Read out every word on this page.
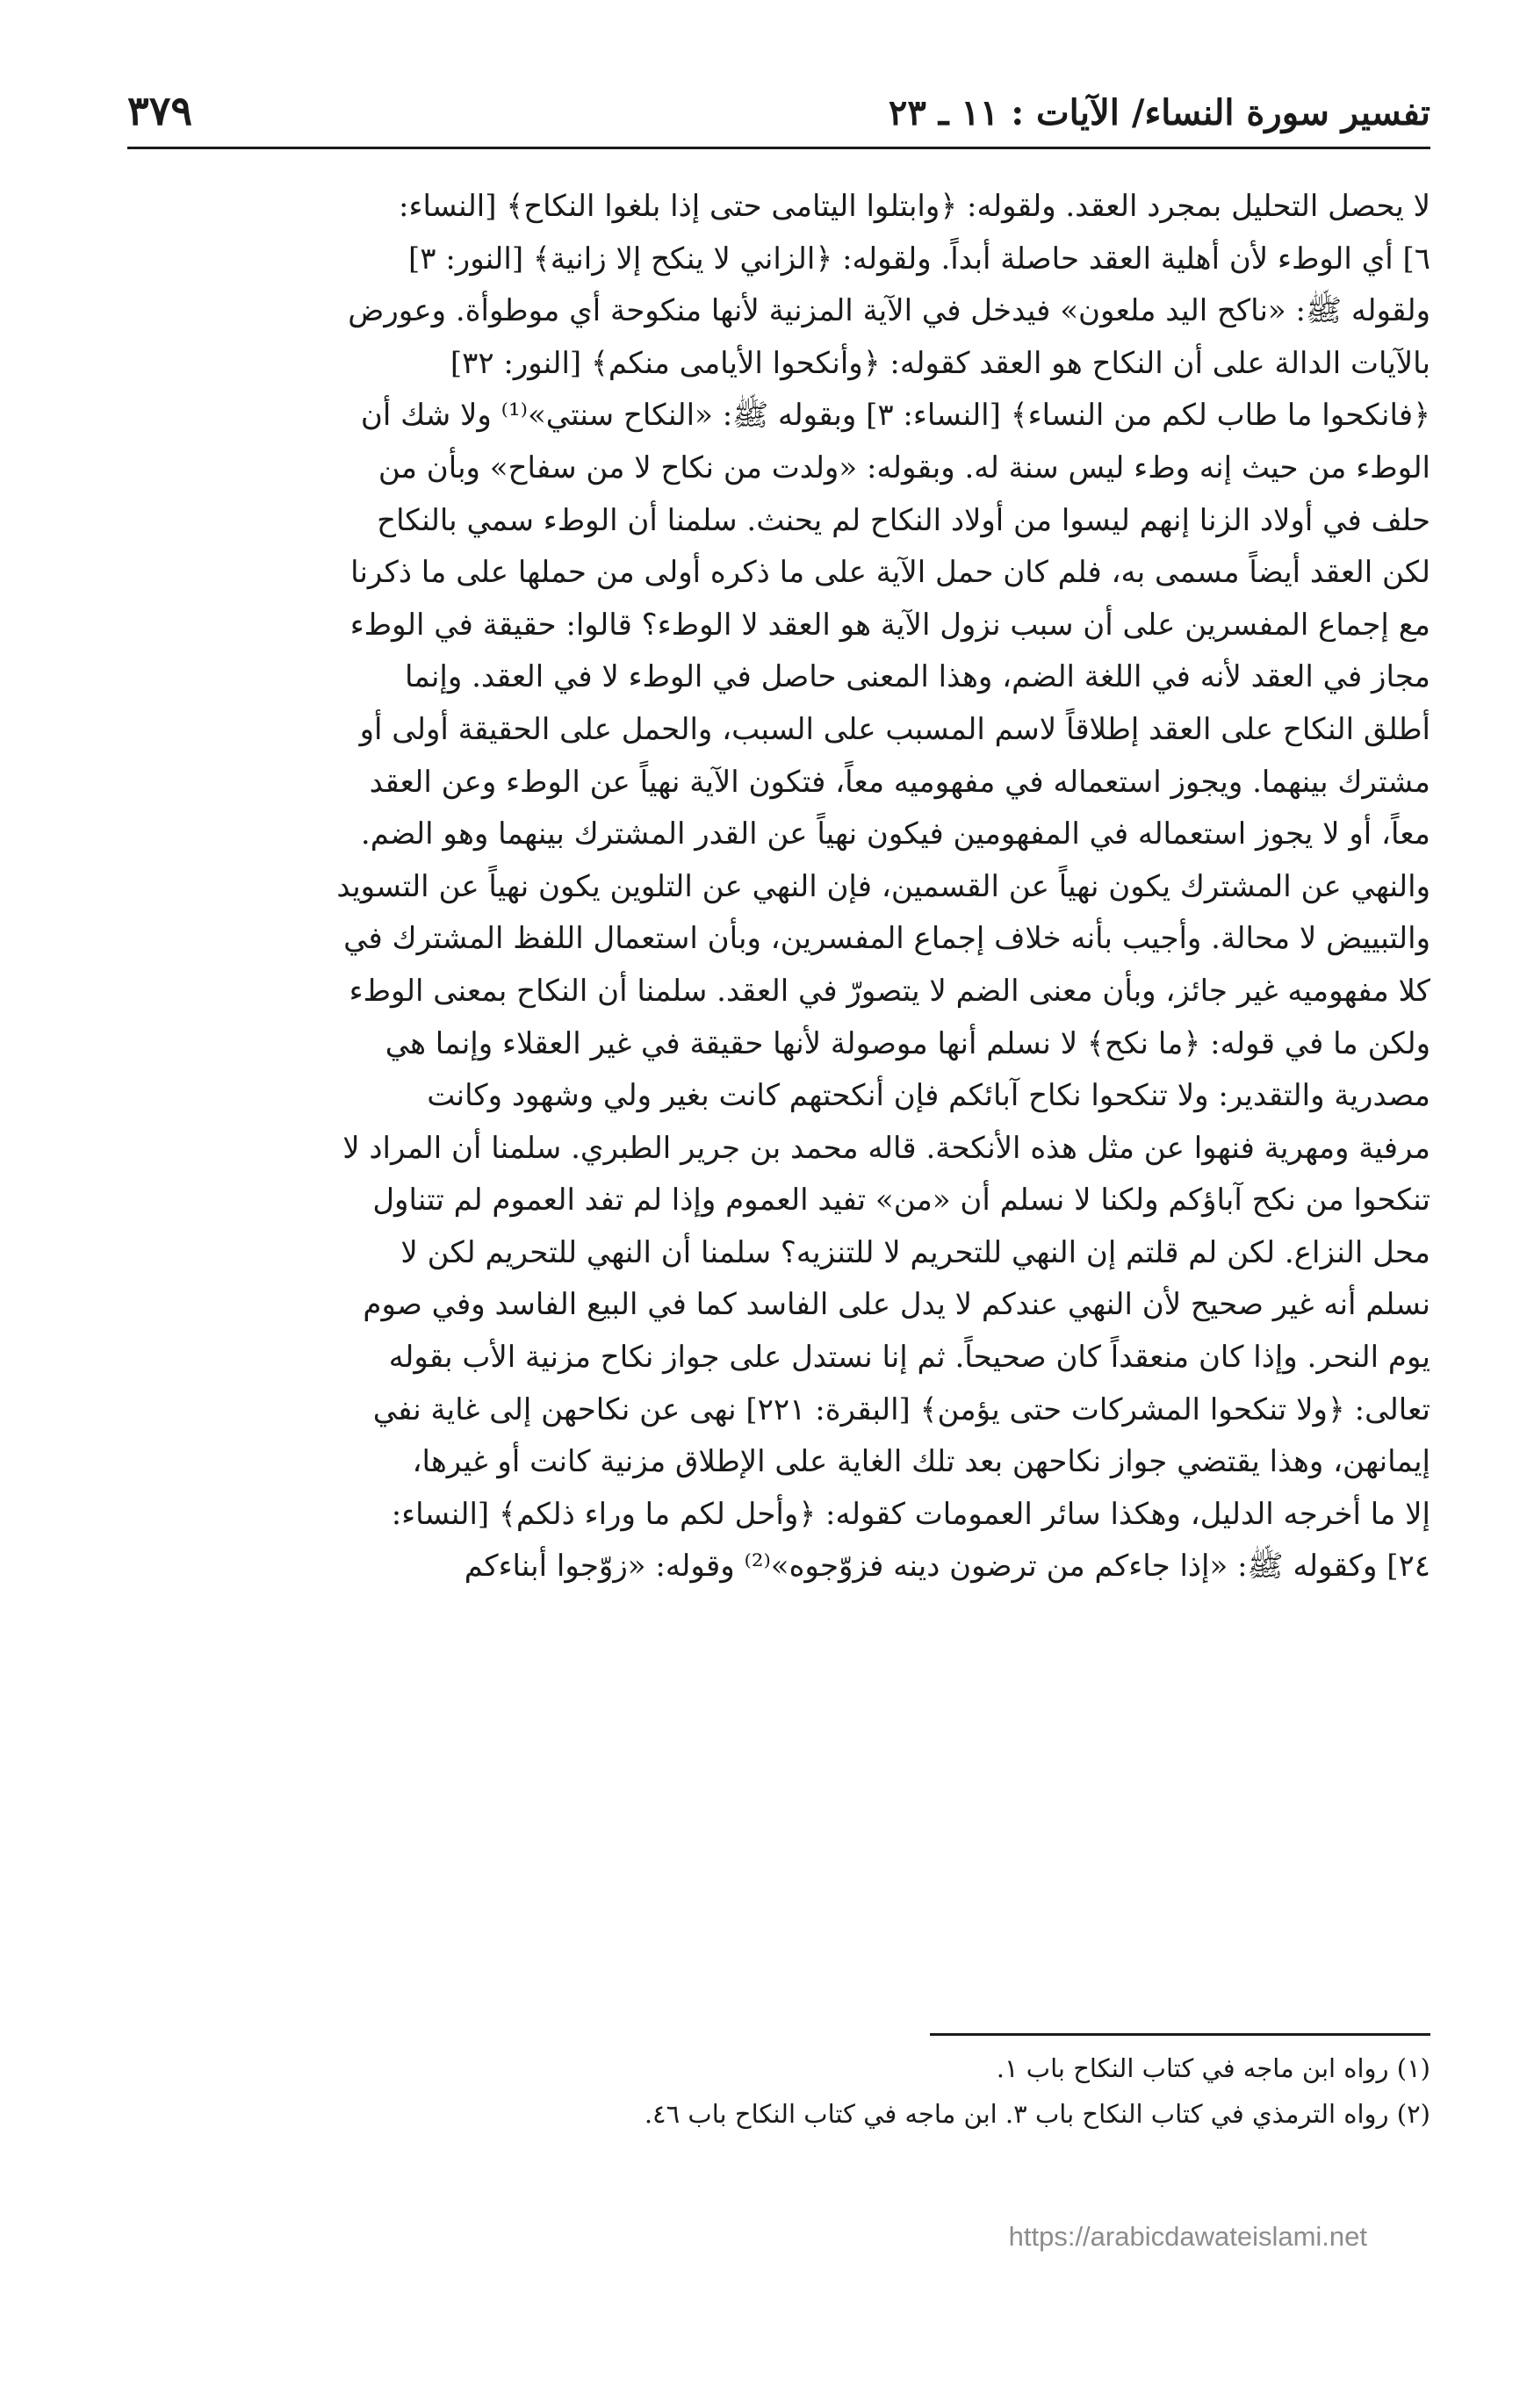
تفسير سورة النساء/ الآيات : ١١ ـ ٢٣
٣٧٩
لا يحصل التحليل بمجرد العقد. ولقوله: ﴿وابتلوا اليتامى حتى إذا بلغوا النكاح﴾ [النساء:
٦] أي الوطء لأن أهلية العقد حاصلة أبداً. ولقوله: ﴿الزاني لا ينكح إلا زانية﴾ [النور: ٣]
ولقوله ﷺ: «ناكح اليد ملعون» فيدخل في الآية المزنية لأنها منكوحة أي موطوأة. وعورض
بالآيات الدالة على أن النكاح هو العقد كقوله: ﴿وأنكحوا الأيامى منكم﴾ [النور: ٣٢]
﴿فانكحوا ما طاب لكم من النساء﴾ [النساء: ٣] وبقوله ﷺ: «النكاح سنتي»⁽¹⁾ ولا شك أن
الوطء من حيث إنه وطء ليس سنة له. وبقوله: «ولدت من نكاح لا من سفاح» وبأن من
حلف في أولاد الزنا إنهم ليسوا من أولاد النكاح لم يحنث. سلمنا أن الوطء سمي بالنكاح
لكن العقد أيضاً مسمى به، فلم كان حمل الآية على ما ذكره أولى من حملها على ما ذكرنا
مع إجماع المفسرين على أن سبب نزول الآية هو العقد لا الوطء؟ قالوا: حقيقة في الوطء
مجاز في العقد لأنه في اللغة الضم، وهذا المعنى حاصل في الوطء لا في العقد. وإنما
أطلق النكاح على العقد إطلاقاً لاسم المسبب على السبب، والحمل على الحقيقة أولى أو
مشترك بينهما. ويجوز استعماله في مفهوميه معاً، فتكون الآية نهياً عن الوطء وعن العقد
معاً، أو لا يجوز استعماله في المفهومين فيكون نهياً عن القدر المشترك بينهما وهو الضم.
والنهي عن المشترك يكون نهياً عن القسمين، فإن النهي عن التلوين يكون نهياً عن التسويد
والتبييض لا محالة. وأجيب بأنه خلاف إجماع المفسرين، وبأن استعمال اللفظ المشترك في
كلا مفهوميه غير جائز، وبأن معنى الضم لا يتصورّ في العقد. سلمنا أن النكاح بمعنى الوطء
ولكن ما في قوله: ﴿ما نكح﴾ لا نسلم أنها موصولة لأنها حقيقة في غير العقلاء وإنما هي
مصدرية والتقدير: ولا تنكحوا نكاح آبائكم فإن أنكحتهم كانت بغير ولي وشهود وكانت
مرفية ومهرية فنهوا عن مثل هذه الأنكحة. قاله محمد بن جرير الطبري. سلمنا أن المراد لا
تنكحوا من نكح آباؤكم ولكنا لا نسلم أن «من» تفيد العموم وإذا لم تفد العموم لم تتناول
محل النزاع. لكن لم قلتم إن النهي للتحريم لا للتنزيه؟ سلمنا أن النهي للتحريم لكن لا
نسلم أنه غير صحيح لأن النهي عندكم لا يدل على الفاسد كما في البيع الفاسد وفي صوم
يوم النحر. وإذا كان منعقداً كان صحيحاً. ثم إنا نستدل على جواز نكاح مزنية الأب بقوله
تعالى: ﴿ولا تنكحوا المشركات حتى يؤمن﴾ [البقرة: ٢٢١] نهى عن نكاحهن إلى غاية نفي
إيمانهن، وهذا يقتضي جواز نكاحهن بعد تلك الغاية على الإطلاق مزنية كانت أو غيرها،
إلا ما أخرجه الدليل، وهكذا سائر العمومات كقوله: ﴿وأحل لكم ما وراء ذلكم﴾ [النساء:
٢٤] وكقوله ﷺ: «إذا جاءكم من ترضون دينه فزوّجوه»⁽²⁾ وقوله: «زوّجوا أبناءكم
(١) رواه ابن ماجه في كتاب النكاح باب ١.
(٢) رواه الترمذي في كتاب النكاح باب ٣. ابن ماجه في كتاب النكاح باب ٤٦.
https://arabicdawateislami.net
